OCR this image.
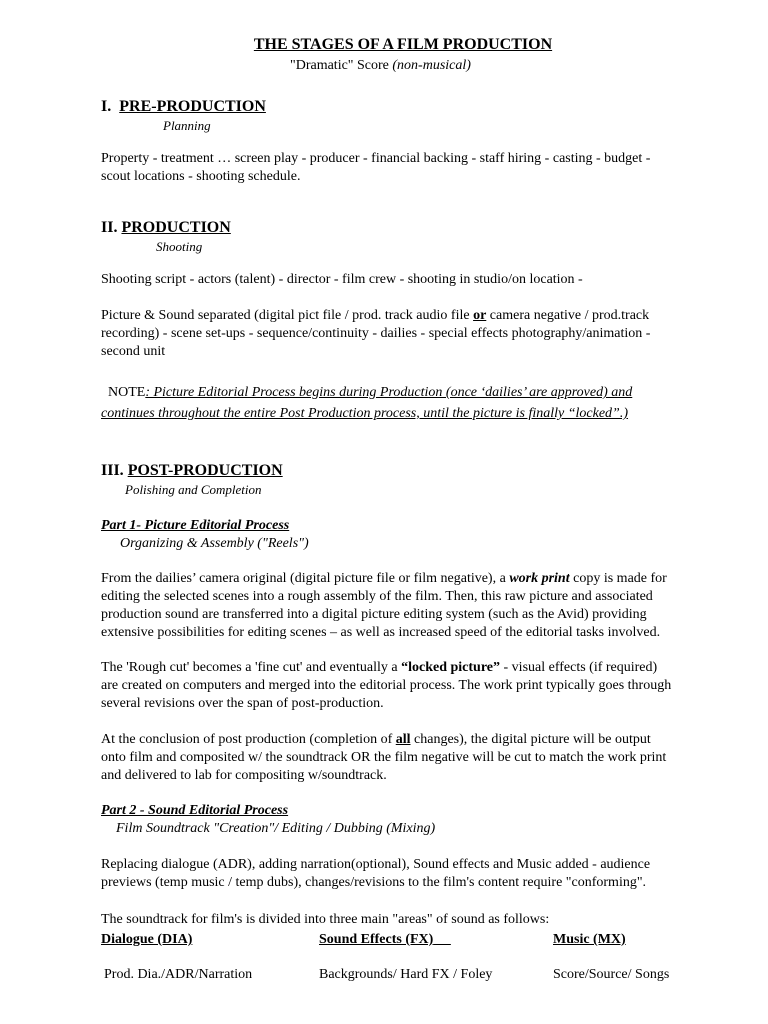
THE STAGES OF A FILM PRODUCTION
"Dramatic" Score (non-musical)
I. PRE-PRODUCTION
Planning
Property - treatment … screen play - producer - financial backing - staff hiring - casting - budget -
scout locations - shooting schedule.
II. PRODUCTION
Shooting
Shooting script - actors (talent) - director - film crew - shooting in studio/on location -
Picture & Sound separated (digital pict file / prod. track audio file or camera negative / prod.track
recording) - scene set-ups - sequence/continuity - dailies - special effects photography/animation -
second unit
NOTE: Picture Editorial Process begins during Production (once ‘dailies’ are approved) and
continues throughout the entire Post Production process, until the picture is finally “locked”.)
III. POST-PRODUCTION
Polishing and Completion
Part 1- Picture Editorial Process
Organizing & Assembly ("Reels")
From the dailies’ camera original (digital picture file or film negative), a work print copy is made for
editing the selected scenes into a rough assembly of the film. Then, this raw picture and associated
production sound are transferred into a digital picture editing system (such as the Avid) providing
extensive possibilities for editing scenes – as well as increased speed of the editorial tasks involved.
The 'Rough cut' becomes a 'fine cut' and eventually a “locked picture” - visual effects (if required)
are created on computers and merged into the editorial process. The work print typically goes through
several revisions over the span of post-production.
At the conclusion of post production (completion of all changes), the digital picture will be output
onto film and composited w/ the soundtrack OR the film negative will be cut to match the work print
and delivered to lab for compositing w/soundtrack.
Part 2 - Sound Editorial Process
Film Soundtrack "Creation"/ Editing / Dubbing (Mixing)
Replacing dialogue (ADR), adding narration(optional), Sound effects and Music added - audience
previews (temp music / temp dubs), changes/revisions to the film's content require "conforming".
The soundtrack for film's is divided into three main "areas" of sound as follows:
Dialogue (DIA)	Sound Effects (FX)	Music (MX)
Prod. Dia./ADR/Narration	Backgrounds/ Hard FX / Foley	Score/Source/ Songs
